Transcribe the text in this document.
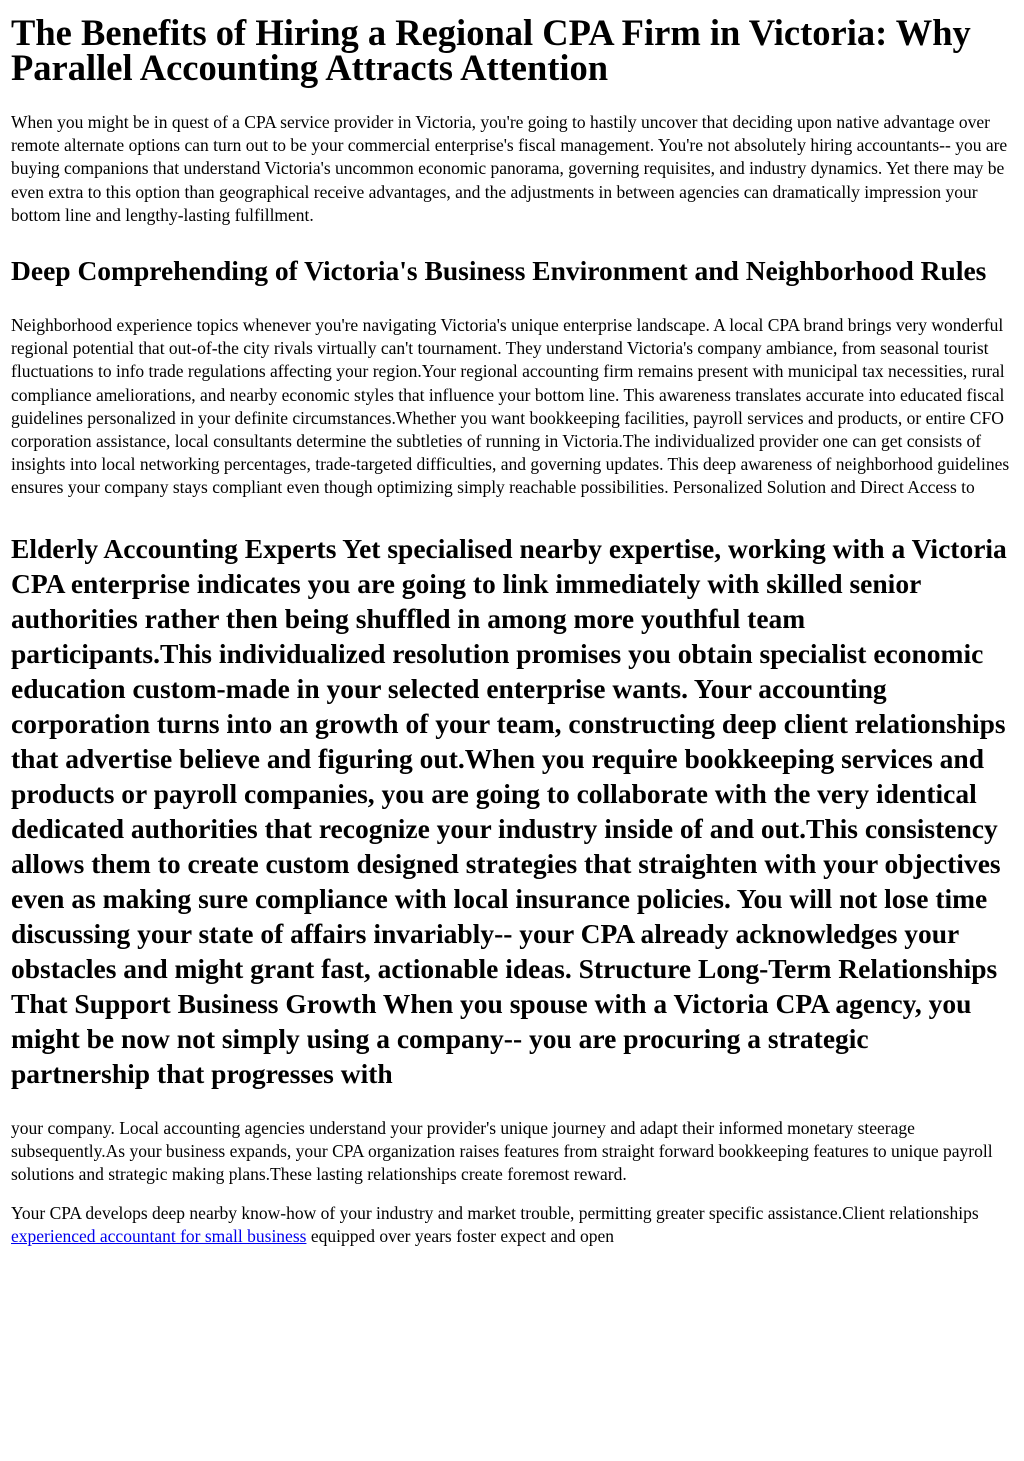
The Benefits of Hiring a Regional CPA Firm in Victoria: Why Parallel Accounting Attracts Attention

When you might be in quest of a CPA service provider in Victoria, you're going to hastily uncover that deciding upon native advantage over remote alternate options can turn out to be your commercial enterprise's fiscal management. You're not absolutely hiring accountants-- you are buying companions that understand Victoria's uncommon economic panorama, governing requisites, and industry dynamics. Yet there may be even extra to this option than geographical receive advantages, and the adjustments in between agencies can dramatically impression your bottom line and lengthy-lasting fulfillment.

Deep Comprehending of Victoria's Business Environment and Neighborhood Rules

Neighborhood experience topics whenever you're navigating Victoria's unique enterprise landscape. A local CPA brand brings very wonderful regional potential that out-of-the city rivals virtually can't tournament. They understand Victoria's company ambiance, from seasonal tourist fluctuations to info trade regulations affecting your region.Your regional accounting firm remains present with municipal tax necessities, rural compliance ameliorations, and nearby economic styles that influence your bottom line. This awareness translates accurate into educated fiscal guidelines personalized in your definite circumstances.Whether you want bookkeeping facilities, payroll services and products, or entire CFO corporation assistance, local consultants determine the subtleties of running in Victoria.The individualized provider one can get consists of insights into local networking percentages, trade-targeted difficulties, and governing updates. This deep awareness of neighborhood guidelines ensures your company stays compliant even though optimizing simply reachable possibilities. Personalized Solution and Direct Access to

Elderly Accounting Experts Yet specialised nearby expertise, working with a Victoria CPA enterprise indicates you are going to link immediately with skilled senior authorities rather then being shuffled in among more youthful team participants.This individualized resolution promises you obtain specialist economic education custom-made in your selected enterprise wants. Your accounting corporation turns into an growth of your team, constructing deep client relationships that advertise believe and figuring out.When you require bookkeeping services and products or payroll companies, you are going to collaborate with the very identical dedicated authorities that recognize your industry inside of and out.This consistency allows them to create custom designed strategies that straighten with your objectives even as making sure compliance with local insurance policies. You will not lose time discussing your state of affairs invariably-- your CPA already acknowledges your obstacles and might grant fast, actionable ideas. Structure Long-Term Relationships That Support Business Growth When you spouse with a Victoria CPA agency, you might be now not simply using a company-- you are procuring a strategic partnership that progresses with

your company. Local accounting agencies understand your provider's unique journey and adapt their informed monetary steerage subsequently.As your business expands, your CPA organization raises features from straight forward bookkeeping features to unique payroll solutions and strategic making plans.These lasting relationships create foremost reward.

Your CPA develops deep nearby know-how of your industry and market trouble, permitting greater specific assistance.Client relationships experienced accountant for small business equipped over years foster expect and open
